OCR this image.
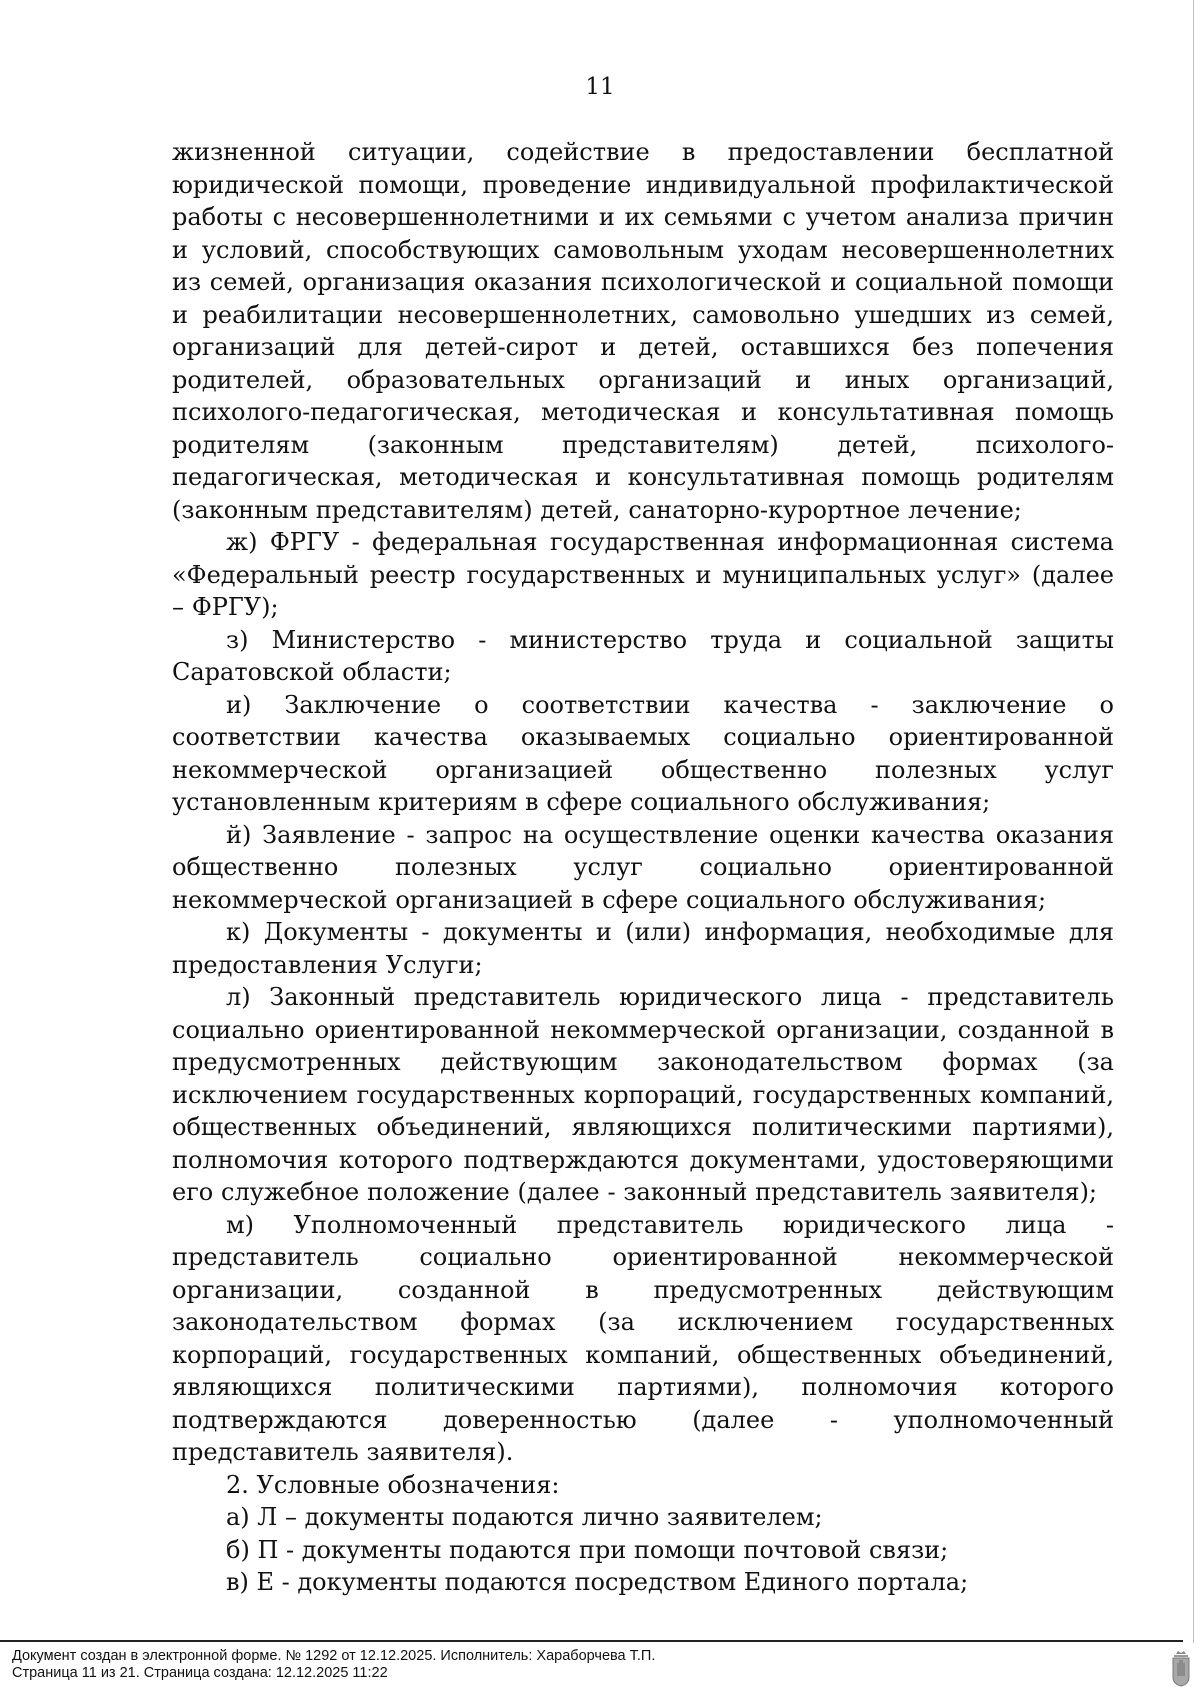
11

жизненной ситуации, содействие в предоставлении бесплатной юридической помощи, проведение индивидуальной профилактической работы с несовершеннолетними и их семьями с учетом анализа причин и условий, способствующих самовольным уходам несовершеннолетних из семей, организация оказания психологической и социальной помощи и реабилитации несовершеннолетних, самовольно ушедших из семей, организаций для детей-сирот и детей, оставшихся без попечения родителей, образовательных организаций и иных организаций, психолого-педагогическая, методическая и консультативная помощь родителям (законным представителям) детей, психолого-педагогическая, методическая и консультативная помощь родителям (законным представителям) детей, санаторно-курортное лечение;

ж) ФРГУ - федеральная государственная информационная система «Федеральный реестр государственных и муниципальных услуг» (далее – ФРГУ);

з) Министерство - министерство труда и социальной защиты Саратовской области;

и) Заключение о соответствии качества - заключение о соответствии качества оказываемых социально ориентированной некоммерческой организацией общественно полезных услуг установленным критериям в сфере социального обслуживания;

й) Заявление - запрос на осуществление оценки качества оказания общественно полезных услуг социально ориентированной некоммерческой организацией в сфере социального обслуживания;

к) Документы - документы и (или) информация, необходимые для предоставления Услуги;

л) Законный представитель юридического лица - представитель социально ориентированной некоммерческой организации, созданной в предусмотренных действующим законодательством формах (за исключением государственных корпораций, государственных компаний, общественных объединений, являющихся политическими партиями), полномочия которого подтверждаются документами, удостоверяющими его служебное положение (далее - законный представитель заявителя);

м) Уполномоченный представитель юридического лица - представитель социально ориентированной некоммерческой организации, созданной в предусмотренных действующим законодательством формах (за исключением государственных корпораций, государственных компаний, общественных объединений, являющихся политическими партиями), полномочия которого подтверждаются доверенностью (далее - уполномоченный представитель заявителя).

2. Условные обозначения:

а) Л – документы подаются лично заявителем;

б) П - документы подаются при помощи почтовой связи;

в) Е - документы подаются посредством Единого портала;

Документ создан в электронной форме. № 1292 от 12.12.2025. Исполнитель: Хараборчева Т.П.
Страница 11 из 21. Страница создана: 12.12.2025 11:22
